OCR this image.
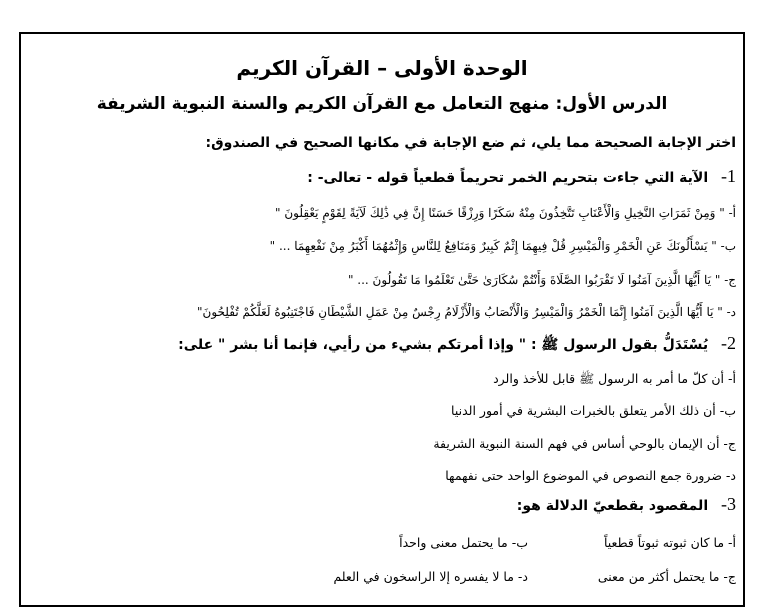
الوحدة الأولى – القرآن الكريم
الدرس الأول: منهج التعامل مع القرآن الكريم والسنة النبوية الشريفة
اختر الإجابة الصحيحة مما يلي، ثم ضع الإجابة في مكانها الصحيح في الصندوق:
1- الآية التي جاءت بتحريم الخمر تحريماً قطعياً قوله - تعالى- :
أ- " وَمِنْ ثَمَرَاتِ النَّخِيلِ وَالْأَعْنَابِ تَتَّخِذُونَ مِنْهُ سَكَرًا وَرِزْقًا حَسَنًا إِنَّ فِي ذَٰلِكَ لَآيَةً لِقَوْمٍ يَعْقِلُونَ "
ب- " يَسْأَلُونَكَ عَنِ الْخَمْرِ وَالْمَيْسِرِ قُلْ فِيهِمَا إِثْمٌ كَبِيرٌ وَمَنَافِعُ لِلنَّاسِ وَإِثْمُهُمَا أَكْبَرُ مِنْ نَفْعِهِمَا ... "
ج- " يَا أَيُّهَا الَّذِينَ آمَنُوا لَا تَقْرَبُوا الصَّلَاةَ وَأَنْتُمْ سُكَارَىٰ حَتَّىٰ تَعْلَمُوا مَا تَقُولُونَ ... "
د- " يَا أَيُّهَا الَّذِينَ آمَنُوا إِنَّمَا الْخَمْرُ وَالْمَيْسِرُ وَالْأَنْصَابُ وَالْأَزْلَامُ رِجْسٌ مِنْ عَمَلِ الشَّيْطَانِ فَاجْتَنِبُوهُ لَعَلَّكُمْ تُفْلِحُونَ"
2- يُسْتَدَلُّ بقول الرسول ﷺ : " وإذا أمرتكم بشيء من رأيي، فإنما أنا بشر " على:
أ- أن كلّ ما أمر به الرسول ﷺ قابل للأخذ والرد
ب- أن ذلك الأمر يتعلق بالخبرات البشرية في أمور الدنيا
ج- أن الإيمان بالوحي أساس في فهم السنة النبوية الشريفة
د- ضرورة جمع النصوص في الموضوع الواحد حتى نفهمها
3- المقصود بقطعيّ الدلالة هو:
أ- ما كان ثبوته ثبوتاً قطعياً
ب- ما يحتمل معنى واحداً
ج- ما يحتمل أكثر من معنى
د- ما لا يفسره إلا الراسخون في العلم
